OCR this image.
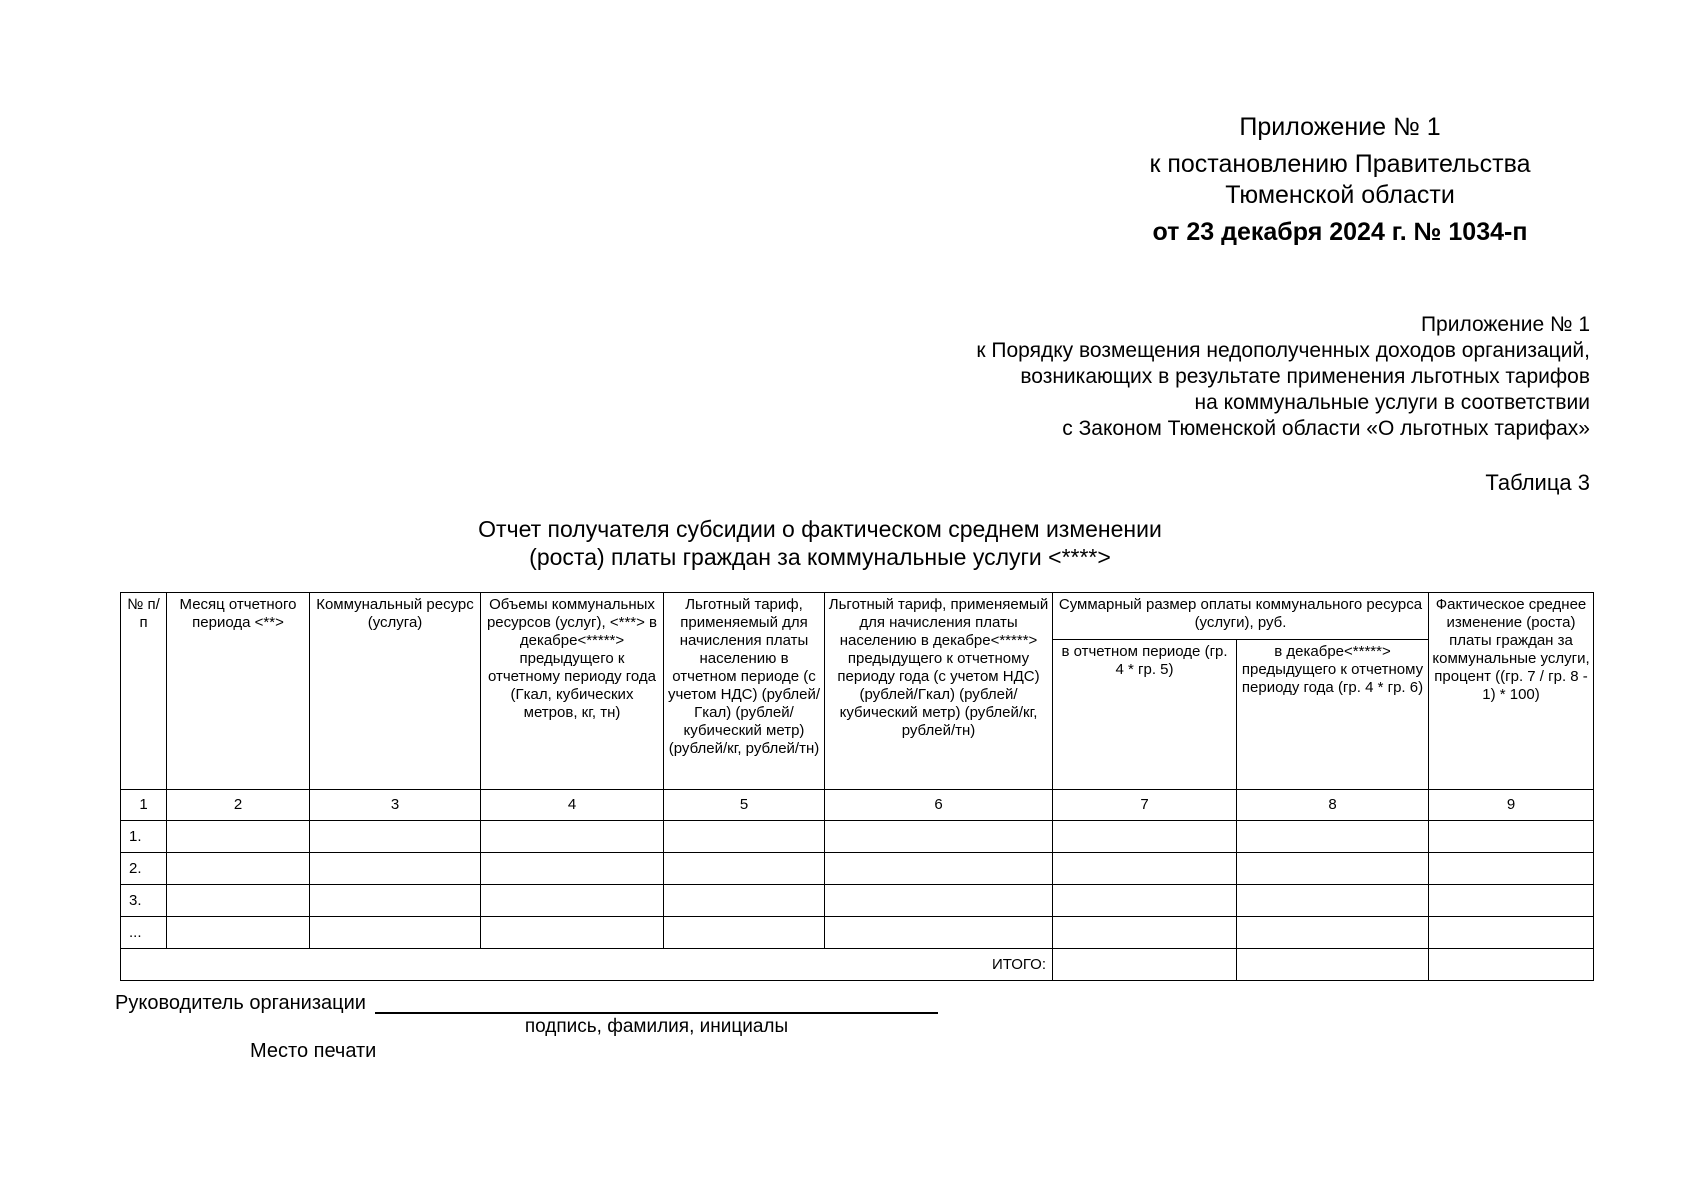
Приложение № 1
к постановлению Правительства
Тюменской области
от 23 декабря 2024 г. № 1034-п
Приложение № 1
к Порядку возмещения недополученных доходов организаций,
возникающих в результате применения льготных тарифов
на коммунальные услуги в соответствии
с Законом Тюменской области «О льготных тарифах»
Таблица 3
Отчет получателя субсидии о фактическом среднем изменении
(роста) платы граждан за коммунальные услуги <****>
№ п/п	Месяц отчетного периода <**>	Коммунальный ресурс (услуга)	Объемы коммунальных ресурсов (услуг), <***> в декабре<*****> предыдущего к отчетному периоду года (Гкал, кубических метров, кг, тн)	Льготный тариф, применяемый для начисления платы населению в отчетном периоде (с учетом НДС) (рублей/Гкал) (рублей/кубический метр) (рублей/кг, рублей/тн)	Льготный тариф, применяемый для начисления платы населению в декабре<*****> предыдущего к отчетному периоду года (с учетом НДС) (рублей/Гкал) (рублей/кубический метр) (рублей/кг, рублей/тн)	Суммарный размер оплаты коммунального ресурса (услуги), руб.		Фактическое среднее изменение (роста) платы граждан за коммунальные услуги, процент ((гр. 7 / гр. 8 - 1) * 100)
						в отчетном периоде (гр. 4 * гр. 5)	в декабре<*****> предыдущего к отчетному периоду года (гр. 4 * гр. 6)	
1	2	3	4	5	6	7	8	9
1.								
2.								
3.								
...								
ИТОГО:								
Руководитель организации
подпись, фамилия, инициалы
Место печати
